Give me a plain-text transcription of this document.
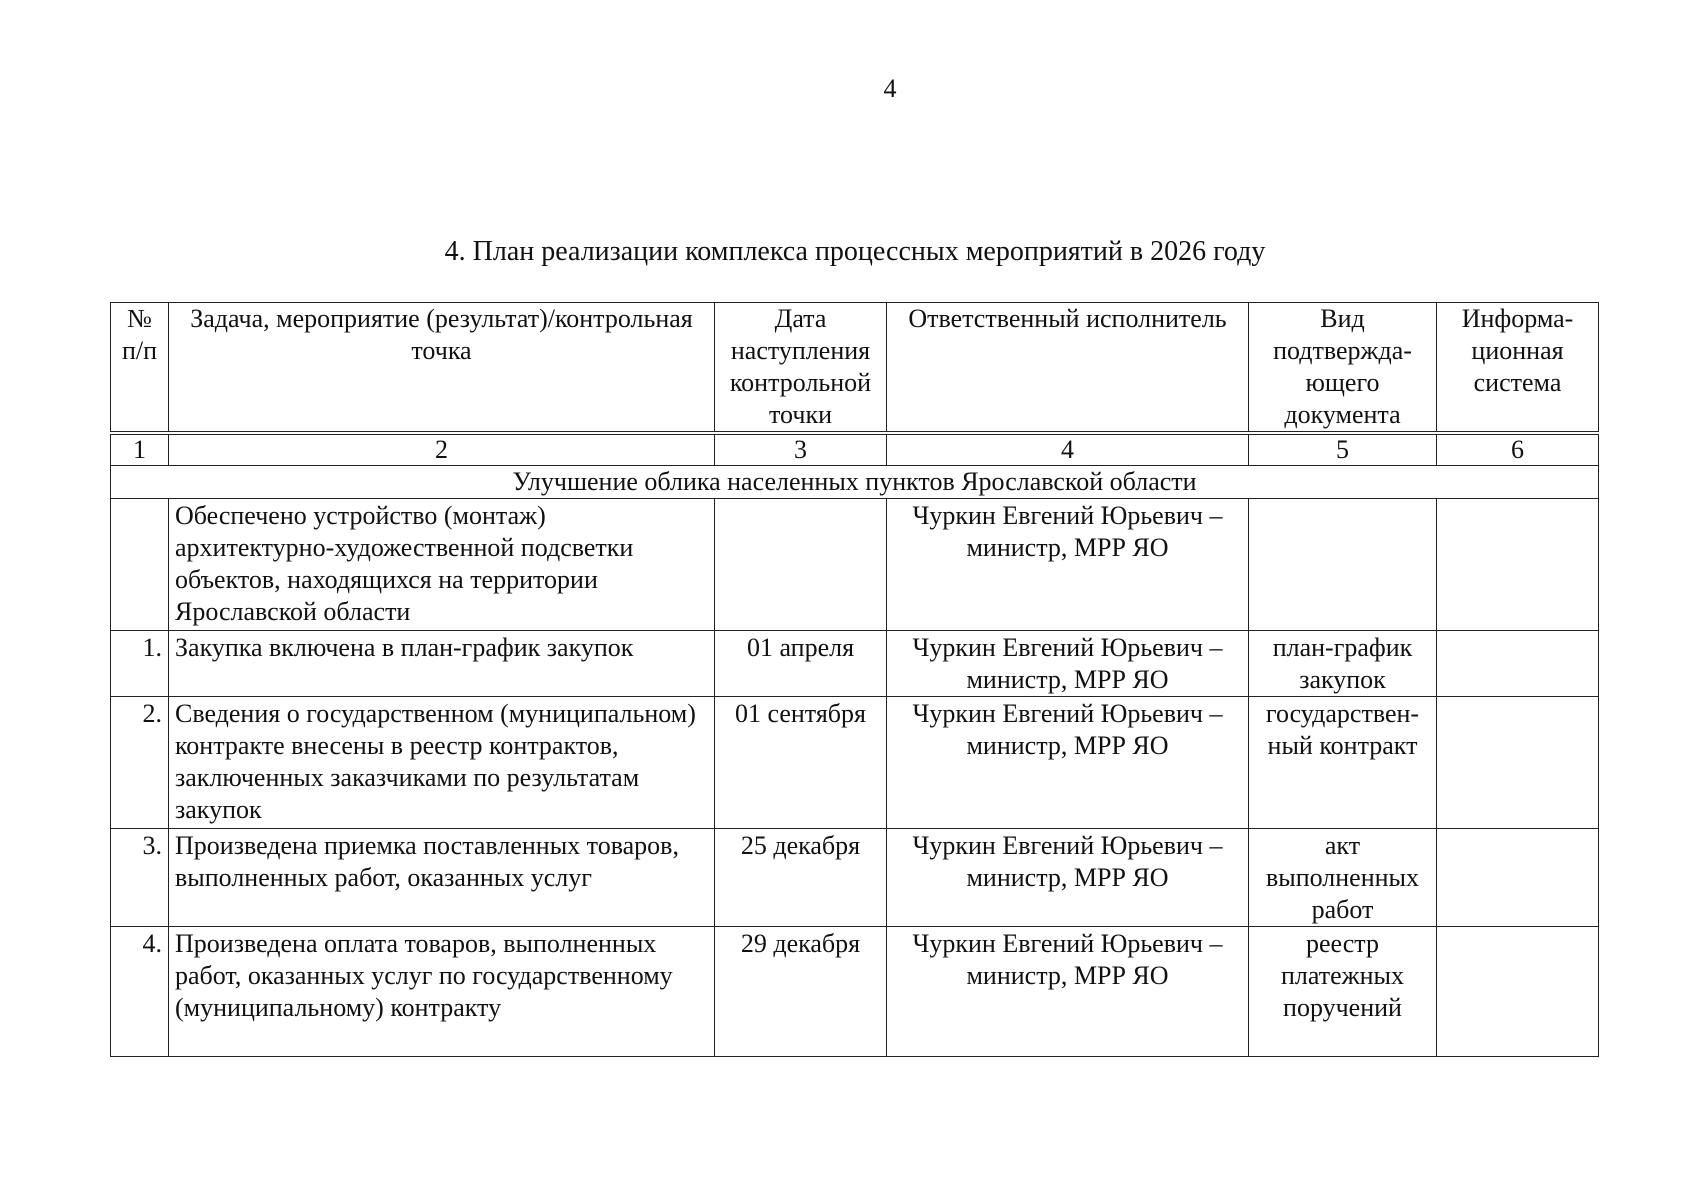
4
4. План реализации комплекса процессных мероприятий в 2026 году
№ п/п	Задача, мероприятие (результат)/контрольная точка	Дата наступления контрольной точки	Ответственный исполнитель	Вид подтвержда-ющего документа	Информа-ционная система
1	2	3	4	5	6
Улучшение облика населенных пунктов Ярославской области					
	Обеспечено устройство (монтаж) архитектурно-художественной подсветки объектов, находящихся на территории Ярославской области		Чуркин Евгений Юрьевич – министр, МРР ЯО		
1.	Закупка включена в план-график закупок	01 апреля	Чуркин Евгений Юрьевич – министр, МРР ЯО	план-график закупок	
2.	Сведения о государственном (муниципальном) контракте внесены в реестр контрактов, заключенных заказчиками по результатам закупок	01 сентября	Чуркин Евгений Юрьевич – министр, МРР ЯО	государствен-ный контракт	
3.	Произведена приемка поставленных товаров, выполненных работ, оказанных услуг	25 декабря	Чуркин Евгений Юрьевич – министр, МРР ЯО	акт выполненных работ	
4.	Произведена оплата товаров, выполненных работ, оказанных услуг по государственному (муниципальному) контракту	29 декабря	Чуркин Евгений Юрьевич – министр, МРР ЯО	реестр платежных поручений	
